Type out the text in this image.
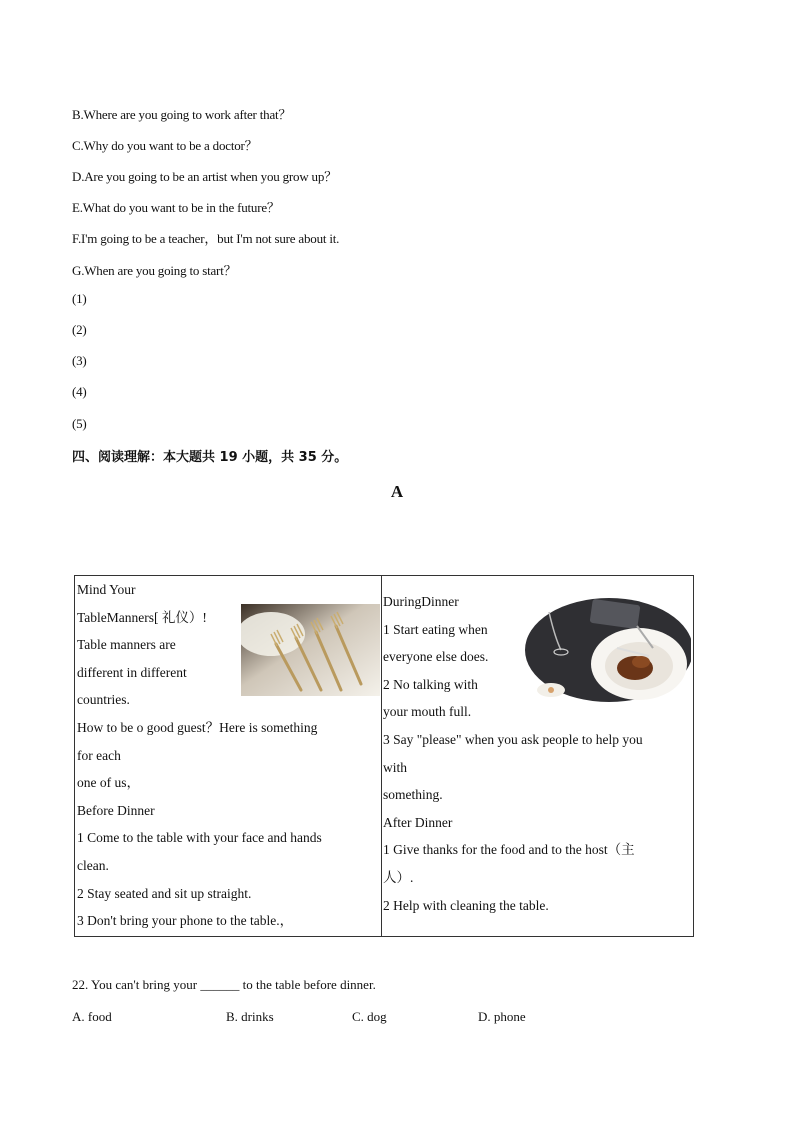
B.Where are you going to work after that？
C.Why do you want to be a doctor？
D.Are you going to be an artist when you grow up？
E.What do you want to be in the future？
F.I'm going to be a teacher，but I'm not sure about it.
G.When are you going to start？
(1)
(2)
(3)
(4)
(5)
四、阅读理解：本大题共 19 小题，共 35 分。
A
Mind Your
TableManners[ 礼仪）!
Table manners are
different in different
countries.
How to be o good guest？Here is something
for each
one of us，
Before Dinner
1 Come to the table with your face and hands
clean.
2 Stay seated and sit up straight.
3 Don't bring your phone to the table.，
DuringDinner
1 Start eating when
everyone else does.
2 No talking with
your mouth full.
3 Say "please" when you ask people to help you
with
something.
After Dinner
1 Give thanks for the food and to the host（主
人）.
2 Help with cleaning the table.
22. You can't bring your ______ to the table before dinner.
A. food	B. drinks	C. dog	D. phone
